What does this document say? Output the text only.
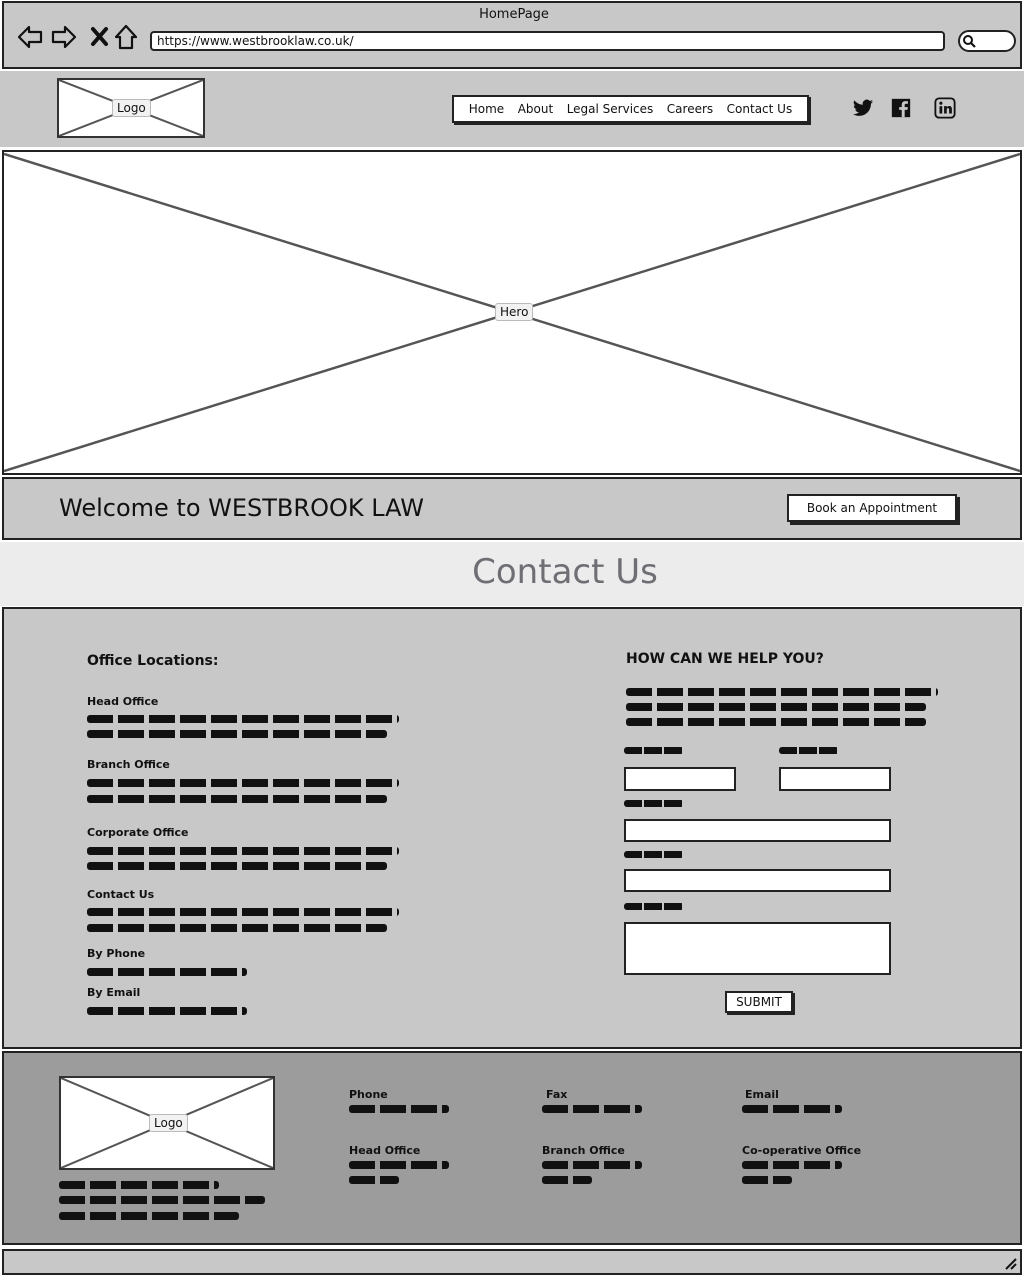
HomePage
https://www.westbrooklaw.co.uk/
Logo	Home About Legal Services Careers Contact Us
Hero
Welcome to WESTBROOK LAW	Book an Appointment
Contact Us
Office Locations:
Head Office
Branch Office
Corporate Office
Contact Us
By Phone
By Email
HOW CAN WE HELP YOU?
SUBMIT
Logo
Phone	Fax	Email
Head Office	Branch Office	Co-operative Office
